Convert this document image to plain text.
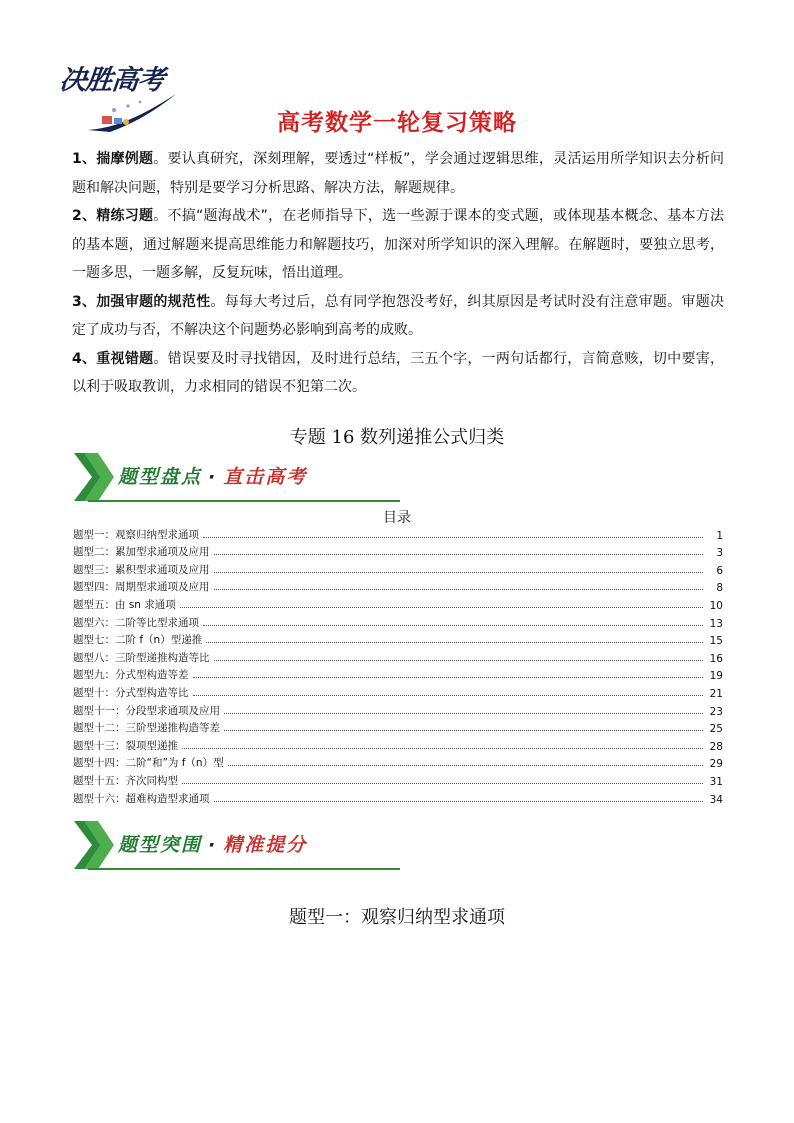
决胜高考
高考数学一轮复习策略

1、揣摩例题。要认真研究，深刻理解，要透过“样板”，学会通过逻辑思维，灵活运用所学知识去分析问题和解决问题，特别是要学习分析思路、解决方法，解题规律。

2、精练习题。不搞“题海战术”，在老师指导下，选一些源于课本的变式题，或体现基本概念、基本方法的基本题，通过解题来提高思维能力和解题技巧，加深对所学知识的深入理解。在解题时，要独立思考，一题多思，一题多解，反复玩味，悟出道理。

3、加强审题的规范性。每每大考过后，总有同学抱怨没考好，纠其原因是考试时没有注意审题。审题决定了成功与否，不解决这个问题势必影响到高考的成败。

4、重视错题。错误要及时寻找错因，及时进行总结，三五个字，一两句话都行，言简意赅，切中要害，以利于吸取教训，力求相同的错误不犯第二次。

专题 16 数列递推公式归类
题型盘点 · 直击高考
目录
题型一：观察归纳型求通项	1
题型二：累加型求通项及应用	3
题型三：累积型求通项及应用	6
题型四：周期型求通项及应用	8
题型五：由 sn 求通项	10
题型六：二阶等比型求通项	13
题型七：二阶 f（n）型递推	15
题型八：三阶型递推构造等比	16
题型九：分式型构造等差	19
题型十：分式型构造等比	21
题型十一：分段型求通项及应用	23
题型十二：三阶型递推构造等差	25
题型十三：裂项型递推	28
题型十四：二阶“和”为 f（n）型	29
题型十五：齐次同构型	31
题型十六：超难构造型求通项	34
题型突围 · 精准提分
题型一：观察归纳型求通项
